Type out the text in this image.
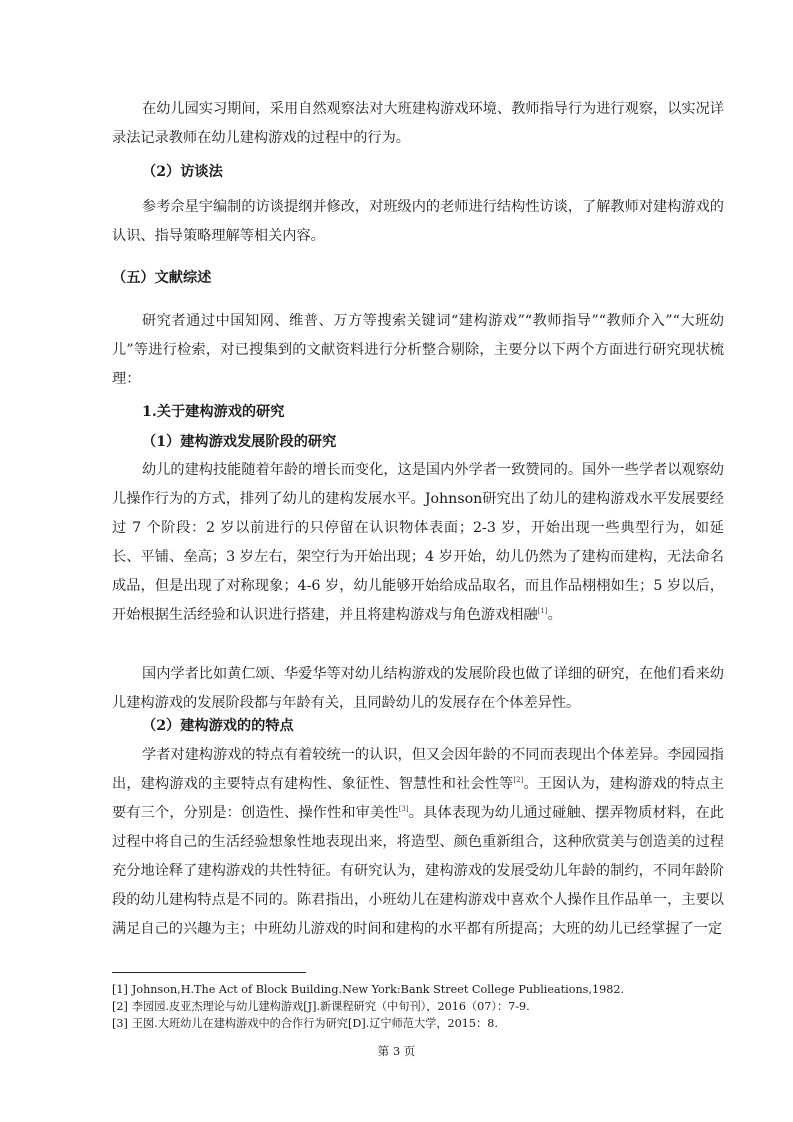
在幼儿园实习期间，采用自然观察法对大班建构游戏环境、教师指导行为进行观察，以实况详录法记录教师在幼儿建构游戏的过程中的行为。

（2）访谈法

参考佘星宇编制的访谈提纲并修改，对班级内的老师进行结构性访谈，了解教师对建构游戏的认识、指导策略理解等相关内容。

（五）文献综述

研究者通过中国知网、维普、万方等搜索关键词“建构游戏”“教师指导”“教师介入”“大班幼儿”等进行检索，对已搜集到的文献资料进行分析整合剔除，主要分以下两个方面进行研究现状梳理：

1.关于建构游戏的研究

（1）建构游戏发展阶段的研究

幼儿的建构技能随着年龄的增长而变化，这是国内外学者一致赞同的。国外一些学者以观察幼儿操作行为的方式，排列了幼儿的建构发展水平。Johnson研究出了幼儿的建构游戏水平发展要经过 7 个阶段：2 岁以前进行的只停留在认识物体表面；2-3 岁，开始出现一些典型行为，如延长、平铺、垒高；3 岁左右，架空行为开始出现；4 岁开始，幼儿仍然为了建构而建构，无法命名成品，但是出现了对称现象；4-6 岁，幼儿能够开始给成品取名，而且作品栩栩如生；5 岁以后，开始根据生活经验和认识进行搭建，并且将建构游戏与角色游戏相融[1]。

国内学者比如黄仁颂、华爱华等对幼儿结构游戏的发展阶段也做了详细的研究，在他们看来幼儿建构游戏的发展阶段都与年龄有关，且同龄幼儿的发展存在个体差异性。

（2）建构游戏的的特点

学者对建构游戏的特点有着较统一的认识，但又会因年龄的不同而表现出个体差异。李园园指出，建构游戏的主要特点有建构性、象征性、智慧性和社会性等[2]。王囡认为，建构游戏的特点主要有三个，分别是：创造性、操作性和审美性[3]。具体表现为幼儿通过碰触、摆弄物质材料，在此过程中将自己的生活经验想象性地表现出来，将造型、颜色重新组合，这种欣赏美与创造美的过程充分地诠释了建构游戏的共性特征。有研究认为，建构游戏的发展受幼儿年龄的制约，不同年龄阶段的幼儿建构特点是不同的。陈君指出，小班幼儿在建构游戏中喜欢个人操作且作品单一，主要以满足自己的兴趣为主；中班幼儿游戏的时间和建构的水平都有所提高；大班的幼儿已经掌握了一定

[1] Johnson,H.The Act of Block Building.New York:Bank Street College Publieations,1982.
[2] 李园园.皮亚杰理论与幼儿建构游戏[J].新课程研究（中旬刊），2016（07）：7-9.
[3] 王囡.大班幼儿在建构游戏中的合作行为研究[D].辽宁师范大学，2015：8.
第 3 页
